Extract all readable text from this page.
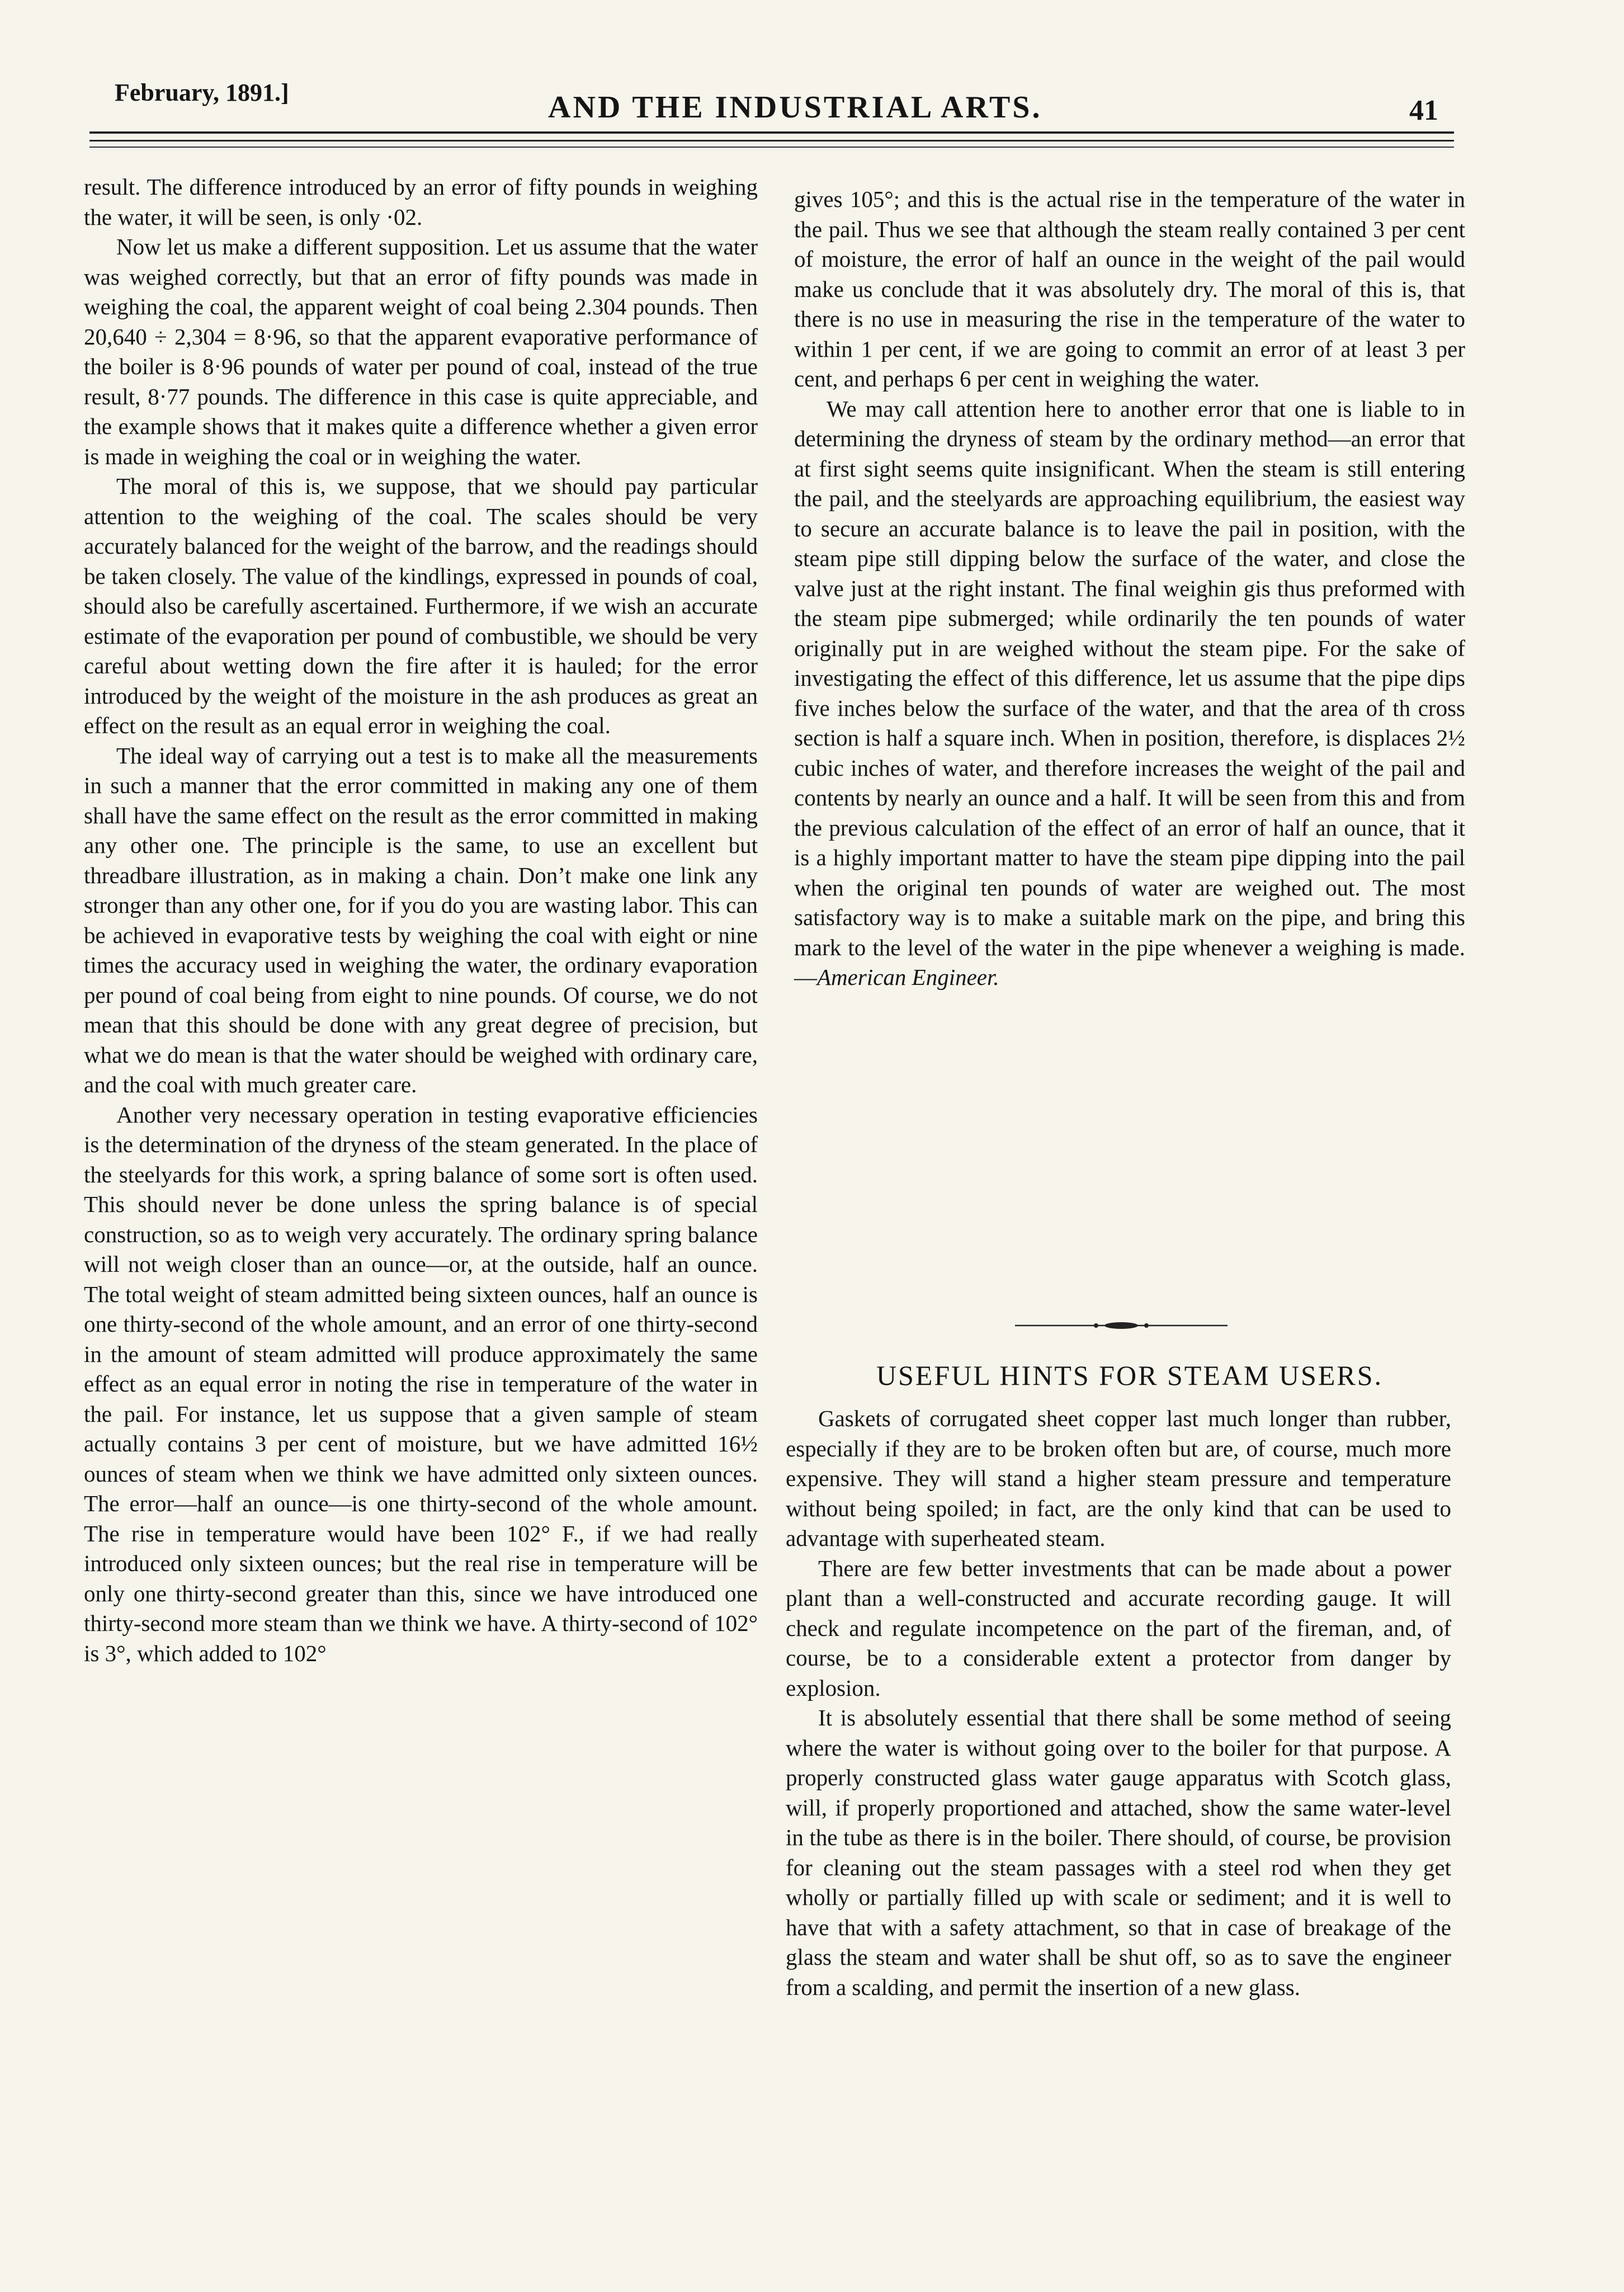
February, 1891.]	AND THE INDUSTRIAL ARTS.	41

result. The difference introduced by an error of fifty pounds in weighing the water, it will be seen, is only ·02.

Now let us make a different supposition. Let us assume that the water was weighed correctly, but that an error of fifty pounds was made in weighing the coal, the apparent weight of coal being 2.304 pounds. Then 20,640 ÷ 2,304 = 8·96, so that the apparent evaporative performance of the boiler is 8·96 pounds of water per pound of coal, instead of the true result, 8·77 pounds. The difference in this case is quite appreciable, and the example shows that it makes quite a difference whether a given error is made in weighing the coal or in weighing the water.

The moral of this is, we suppose, that we should pay particular attention to the weighing of the coal. The scales should be very accurately balanced for the weight of the barrow, and the readings should be taken closely. The value of the kindlings, expressed in pounds of coal, should also be carefully ascertained. Furthermore, if we wish an accurate estimate of the evaporation per pound of combustible, we should be very careful about wetting down the fire after it is hauled; for the error introduced by the weight of the moisture in the ash produces as great an effect on the result as an equal error in weighing the coal.

The ideal way of carrying out a test is to make all the measurements in such a manner that the error committed in making any one of them shall have the same effect on the result as the error committed in making any other one. The principle is the same, to use an excellent but threadbare illustration, as in making a chain. Don’t make one link any stronger than any other one, for if you do you are wasting labor. This can be achieved in evaporative tests by weighing the coal with eight or nine times the accuracy used in weighing the water, the ordinary evaporation per pound of coal being from eight to nine pounds. Of course, we do not mean that this should be done with any great degree of precision, but what we do mean is that the water should be weighed with ordinary care, and the coal with much greater care.

Another very necessary operation in testing evaporative efficiencies is the determination of the dryness of the steam generated. In the place of the steelyards for this work, a spring balance of some sort is often used. This should never be done unless the spring balance is of special construction, so as to weigh very accurately. The ordinary spring balance will not weigh closer than an ounce—or, at the outside, half an ounce. The total weight of steam admitted being sixteen ounces, half an ounce is one thirty-second of the whole amount, and an error of one thirty-second in the amount of steam admitted will produce approximately the same effect as an equal error in noting the rise in temperature of the water in the pail. For instance, let us suppose that a given sample of steam actually contains 3 per cent of moisture, but we have admitted 16½ ounces of steam when we think we have admitted only sixteen ounces. The error—half an ounce—is one thirty-second of the whole amount. The rise in temperature would have been 102° F., if we had really introduced only sixteen ounces; but the real rise in temperature will be only one thirty-second greater than this, since we have introduced one thirty-second more steam than we think we have. A thirty-second of 102° is 3°, which added to 102°

gives 105°; and this is the actual rise in the temperature of the water in the pail. Thus we see that although the steam really contained 3 per cent of moisture, the error of half an ounce in the weight of the pail would make us conclude that it was absolutely dry. The moral of this is, that there is no use in measuring the rise in the temperature of the water to within 1 per cent, if we are going to commit an error of at least 3 per cent, and perhaps 6 per cent in weighing the water.

We may call attention here to another error that one is liable to in determining the dryness of steam by the ordinary method—an error that at first sight seems quite insignificant. When the steam is still entering the pail, and the steelyards are approaching equilibrium, the easiest way to secure an accurate balance is to leave the pail in position, with the steam pipe still dipping below the surface of the water, and close the valve just at the right instant. The final weighin gis thus preformed with the steam pipe submerged; while ordinarily the ten pounds of water originally put in are weighed without the steam pipe. For the sake of investigating the effect of this difference, let us assume that the pipe dips five inches below the surface of the water, and that the area of th cross section is half a square inch. When in position, therefore, is displaces 2½ cubic inches of water, and therefore increases the weight of the pail and contents by nearly an ounce and a half. It will be seen from this and from the previous calculation of the effect of an error of half an ounce, that it is a highly important matter to have the steam pipe dipping into the pail when the original ten pounds of water are weighed out. The most satisfactory way is to make a suitable mark on the pipe, and bring this mark to the level of the water in the pipe whenever a weighing is made.—American Engineer.

USEFUL HINTS FOR STEAM USERS.

Gaskets of corrugated sheet copper last much longer than rubber, especially if they are to be broken often but are, of course, much more expensive. They will stand a higher steam pressure and temperature without being spoiled; in fact, are the only kind that can be used to advantage with superheated steam.

There are few better investments that can be made about a power plant than a well-constructed and accurate recording gauge. It will check and regulate incompetence on the part of the fireman, and, of course, be to a considerable extent a protector from danger by explosion.

It is absolutely essential that there shall be some method of seeing where the water is without going over to the boiler for that purpose. A properly constructed glass water gauge apparatus with Scotch glass, will, if properly proportioned and attached, show the same water-level in the tube as there is in the boiler. There should, of course, be provision for cleaning out the steam passages with a steel rod when they get wholly or partially filled up with scale or sediment; and it is well to have that with a safety attachment, so that in case of breakage of the glass the steam and water shall be shut off, so as to save the engineer from a scalding, and permit the insertion of a new glass.
